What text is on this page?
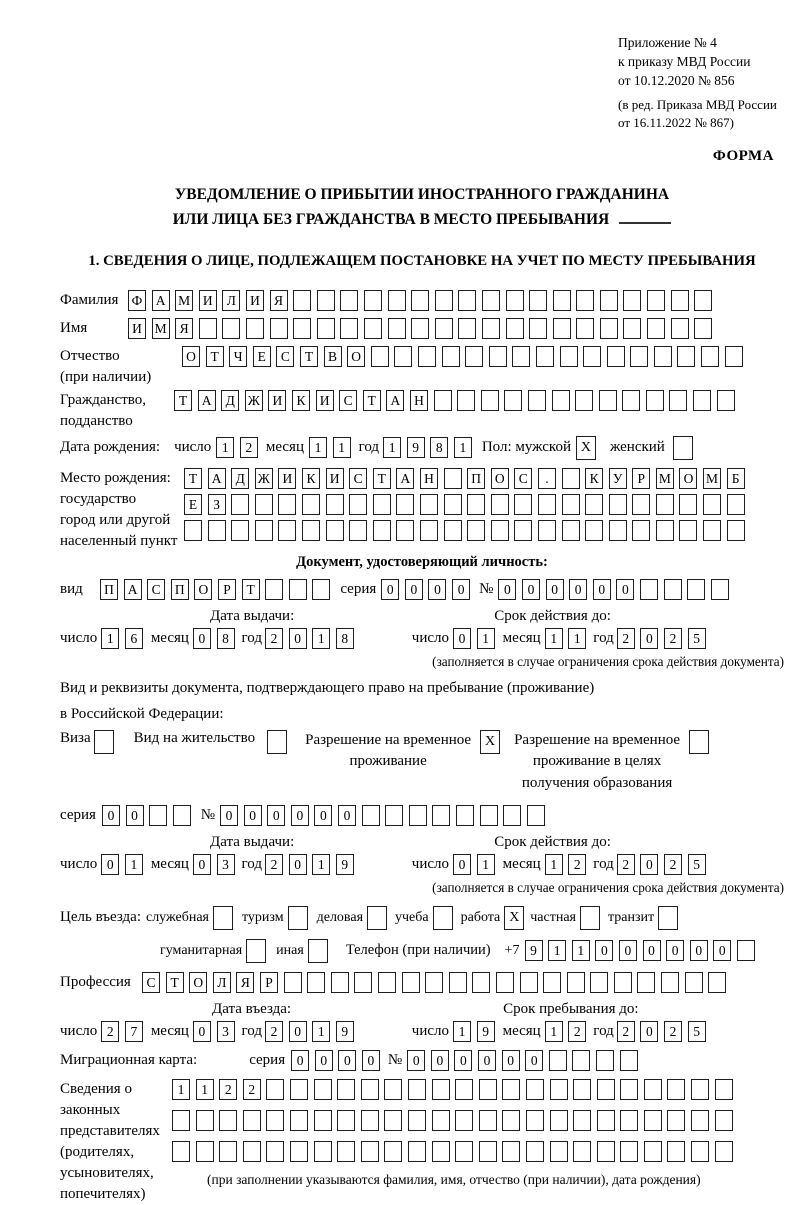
Приложение № 4
к приказу МВД России
от 10.12.2020 № 856
(в ред. Приказа МВД России
от 16.11.2022 № 867)
ФОРМА
УВЕДОМЛЕНИЕ О ПРИБЫТИИ ИНОСТРАННОГО ГРАЖДАНИНА
ИЛИ ЛИЦА БЕЗ ГРАЖДАНСТВА В МЕСТО ПРЕБЫВАНИЯ
1. СВЕДЕНИЯ О ЛИЦЕ, ПОДЛЕЖАЩЕМ ПОСТАНОВКЕ НА УЧЕТ ПО МЕСТУ ПРЕБЫВАНИЯ
Фамилия Ф А М И	Л	И	Я
Имя	И М Я
Отчество
(при наличии)
О	Т	Ч	Е	С	Т	В	О
Гражданство,
подданство
Т	А	Д Ж И	К	И	С	Т	А	Н
Дата рождения: число 1	2 месяц 1	1 год 1	9	8	1	Пол: мужской X	женский
Место рождения:
государство
город или другой
населенный пункт
Т	А	Д Ж И	К	И	С	Т	А	Н	П	О	С	.	К	У	Р	М О М	Б
Е	З
Документ, удостоверяющий личность:
вид	П	А	С	П	О	Р	Т	серия 0	0	0	0 № 0	0	0	0	0	0
Дата выдачи:	Срок действия до:
число 1	6 месяц 0	8 год 2	0	1	8	число 0	1 месяц 1	1 год 2	0	2	5
(заполняется в случае ограничения срока действия документа)
Вид и реквизиты документа, подтверждающего право на пребывание (проживание)
в Российской Федерации:
Виза	Вид на жительство	Разрешение на временное
проживание
X	Разрешение на временное
проживание в целях
получения образования
серия 0	0	№ 0	0	0	0	0	0
Дата выдачи:	Срок действия до:
число 0	1 месяц 0	3 год 2	0	1	9	число 0	1 месяц 1	2 год 2	0	2	5
(заполняется в случае ограничения срока действия документа)
Цель въезда: служебная туризм деловая учеба работа X частная транзит
гуманитарная иная	Телефон (при наличии) +7 9	1	1	0	0	0	0	0	0
Профессия	С	Т	О	Л	Я	Р
Дата въезда:	Срок пребывания до:
число 2	7 месяц 0	3 год 2	0	1	9	число 1	9 месяц 1	2 год 2	0	2	5
Миграционная карта:	серия 0	0	0	0 № 0	0	0	0	0	0
Сведения о
законных
представителях
(родителях,
усыновителях,
попечителях)
1	1	2	2
(при заполнении указываются фамилия, имя, отчество (при наличии), дата рождения)
